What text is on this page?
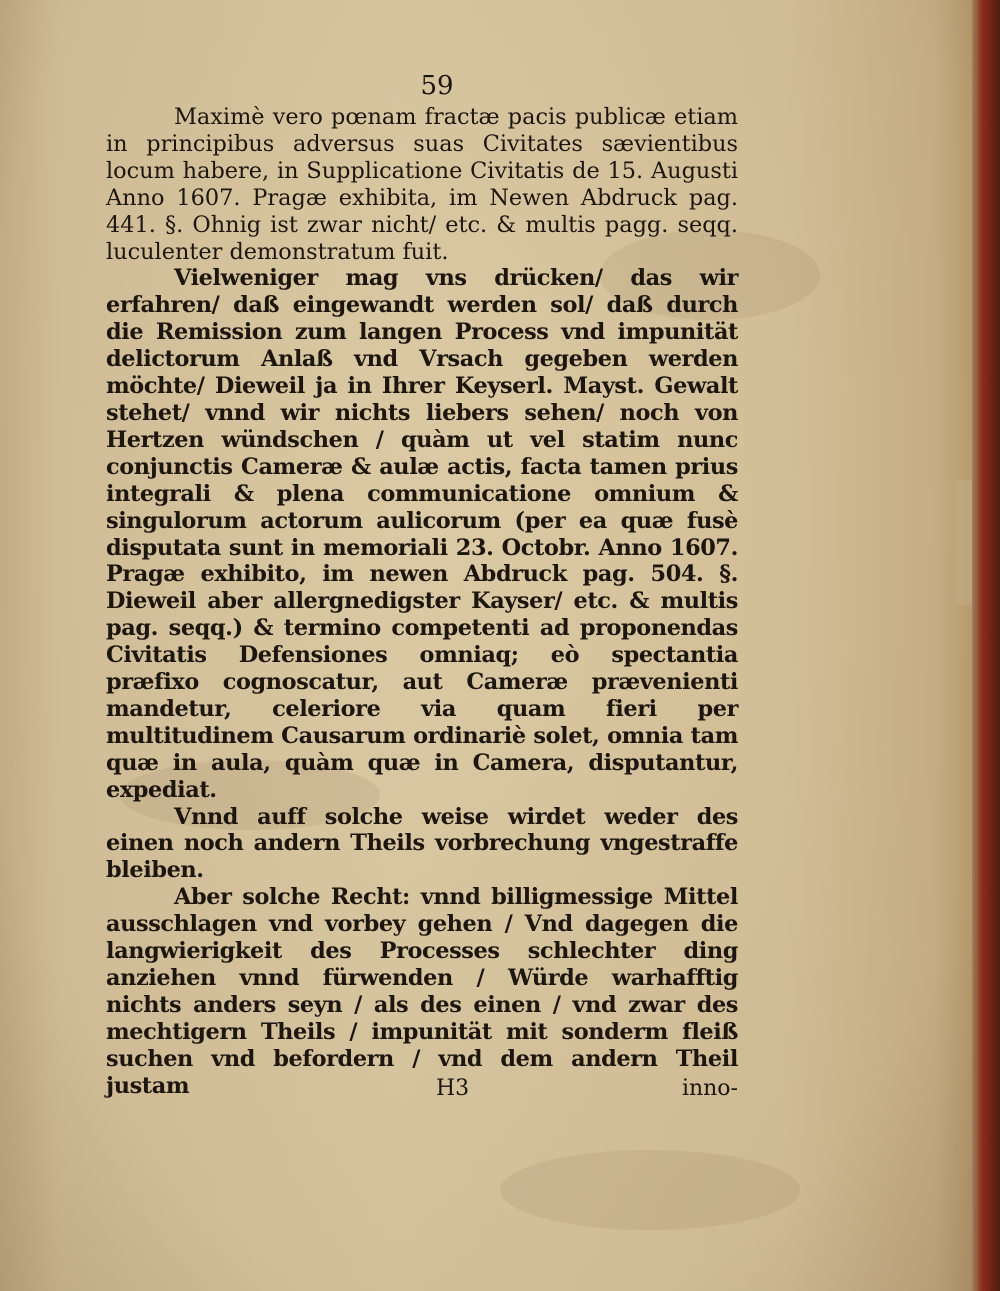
59

Maximè vero pœnam fractæ pacis publicæ etiam in principibus adversus suas Civitates sævientibus locum habere, in Supplicatione Civitatis de 15. Augusti Anno 1607. Pragæ exhibita, im Newen Abdruck pag. 441. §. Ohnig ist zwar nicht/ etc. & multis pagg. seqq. luculenter demonstratum fuit.

Vielweniger mag vns drücken/ das wir erfahren/ daß eingewandt werden sol/ daß durch die Remission zum langen Process vnd impunität delictorum Anlaß vnd Vrsach gegeben werden möchte/ Dieweil ja in Ihrer Keyserl. Mayst. Gewalt stehet/ vnnd wir nichts liebers sehen/ noch von Hertzen wündschen / quàm ut vel statim nunc conjunctis Cameræ & aulæ actis, facta tamen prius integrali & plena communicatione omnium & singulorum actorum aulicorum (per ea quæ fusè disputata sunt in memoriali 23. Octobr. Anno 1607. Pragæ exhibito, im newen Abdruck pag. 504. §. Dieweil aber allergnedigster Kayser/ etc. & multis pag. seqq.) & termino competenti ad proponendas Civitatis Defensiones omniaq; eò spectantia præfixo cognoscatur, aut Cameræ prævenienti mandetur, celeriore via quam fieri per multitudinem Causarum ordinariè solet, omnia tam quæ in aula, quàm quæ in Camera, disputantur, expediat.

Vnnd auff solche weise wirdet weder des einen noch andern Theils vorbrechung vngestraffe bleiben.

Aber solche Recht: vnnd billigmessige Mittel ausschlagen vnd vorbey gehen / Vnd dagegen die langwierigkeit des Processes schlechter ding anziehen vnnd fürwenden / Würde warhafftig nichts anders seyn / als des einen / vnd zwar des mechtigern Theils / impunität mit sonderm fleiß suchen vnd befordern / vnd dem andern Theil justam	H3	inno-
